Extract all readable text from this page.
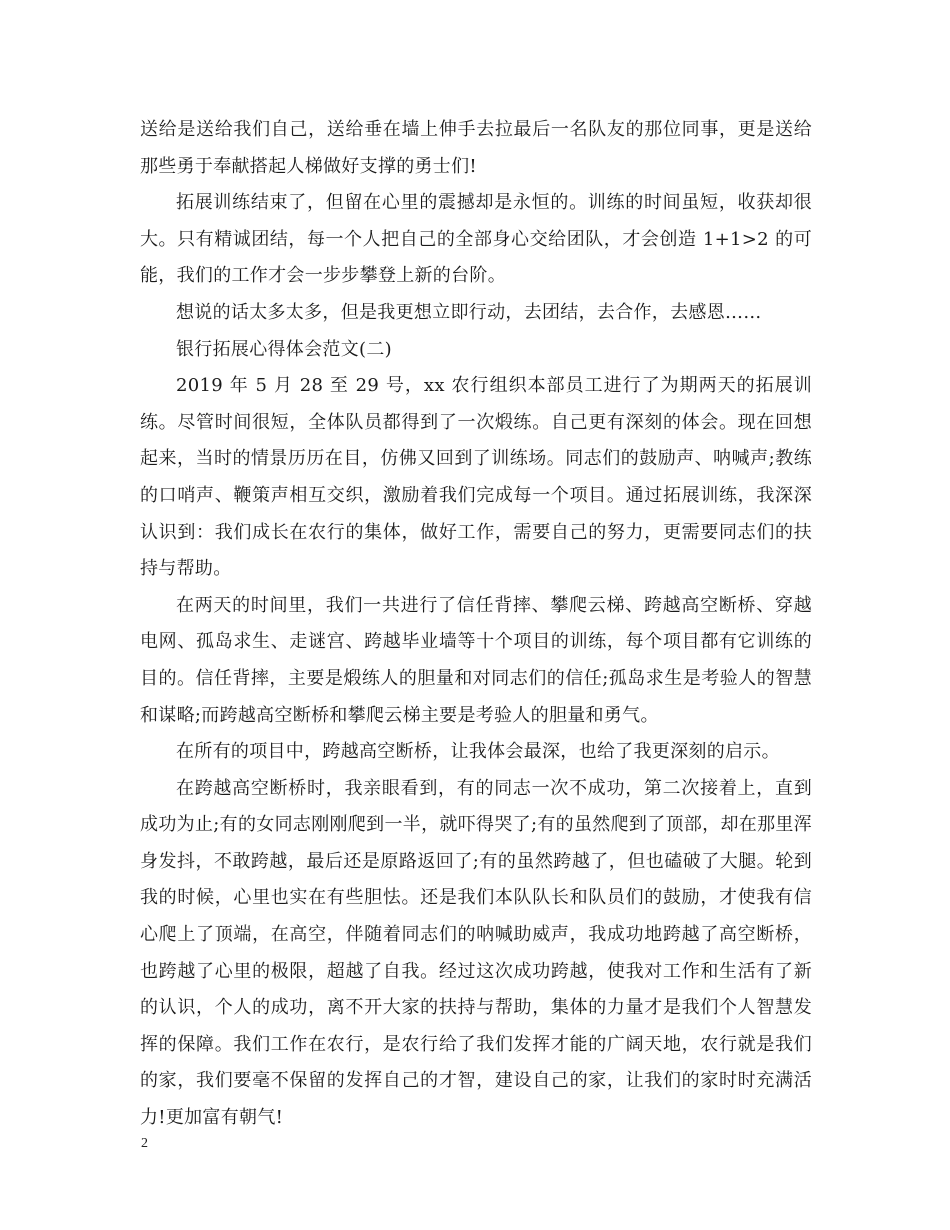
送给是送给我们自己，送给垂在墙上伸手去拉最后一名队友的那位同事，更是送给那些勇于奉献搭起人梯做好支撑的勇士们!

拓展训练结束了，但留在心里的震撼却是永恒的。训练的时间虽短，收获却很大。只有精诚团结，每一个人把自己的全部身心交给团队，才会创造 1+1>2 的可能，我们的工作才会一步步攀登上新的台阶。

想说的话太多太多，但是我更想立即行动，去团结，去合作，去感恩……

银行拓展心得体会范文(二)

2019 年 5 月 28 至 29 号，xx 农行组织本部员工进行了为期两天的拓展训练。尽管时间很短，全体队员都得到了一次煅练。自己更有深刻的体会。现在回想起来，当时的情景历历在目，仿佛又回到了训练场。同志们的鼓励声、呐喊声;教练的口哨声、鞭策声相互交织，激励着我们完成每一个项目。通过拓展训练，我深深认识到：我们成长在农行的集体，做好工作，需要自己的努力，更需要同志们的扶持与帮助。

在两天的时间里，我们一共进行了信任背摔、攀爬云梯、跨越高空断桥、穿越电网、孤岛求生、走谜宫、跨越毕业墙等十个项目的训练，每个项目都有它训练的目的。信任背摔，主要是煅练人的胆量和对同志们的信任;孤岛求生是考验人的智慧和谋略;而跨越高空断桥和攀爬云梯主要是考验人的胆量和勇气。

在所有的项目中，跨越高空断桥，让我体会最深，也给了我更深刻的启示。

在跨越高空断桥时，我亲眼看到，有的同志一次不成功，第二次接着上，直到成功为止;有的女同志刚刚爬到一半，就吓得哭了;有的虽然爬到了顶部，却在那里浑身发抖，不敢跨越，最后还是原路返回了;有的虽然跨越了，但也磕破了大腿。轮到我的时候，心里也实在有些胆怯。还是我们本队队长和队员们的鼓励，才使我有信心爬上了顶端，在高空，伴随着同志们的呐喊助威声，我成功地跨越了高空断桥，也跨越了心里的极限，超越了自我。经过这次成功跨越，使我对工作和生活有了新的认识，个人的成功，离不开大家的扶持与帮助，集体的力量才是我们个人智慧发挥的保障。我们工作在农行，是农行给了我们发挥才能的广阔天地，农行就是我们的家，我们要毫不保留的发挥自己的才智，建设自己的家，让我们的家时时充满活力!更加富有朝气!

2
